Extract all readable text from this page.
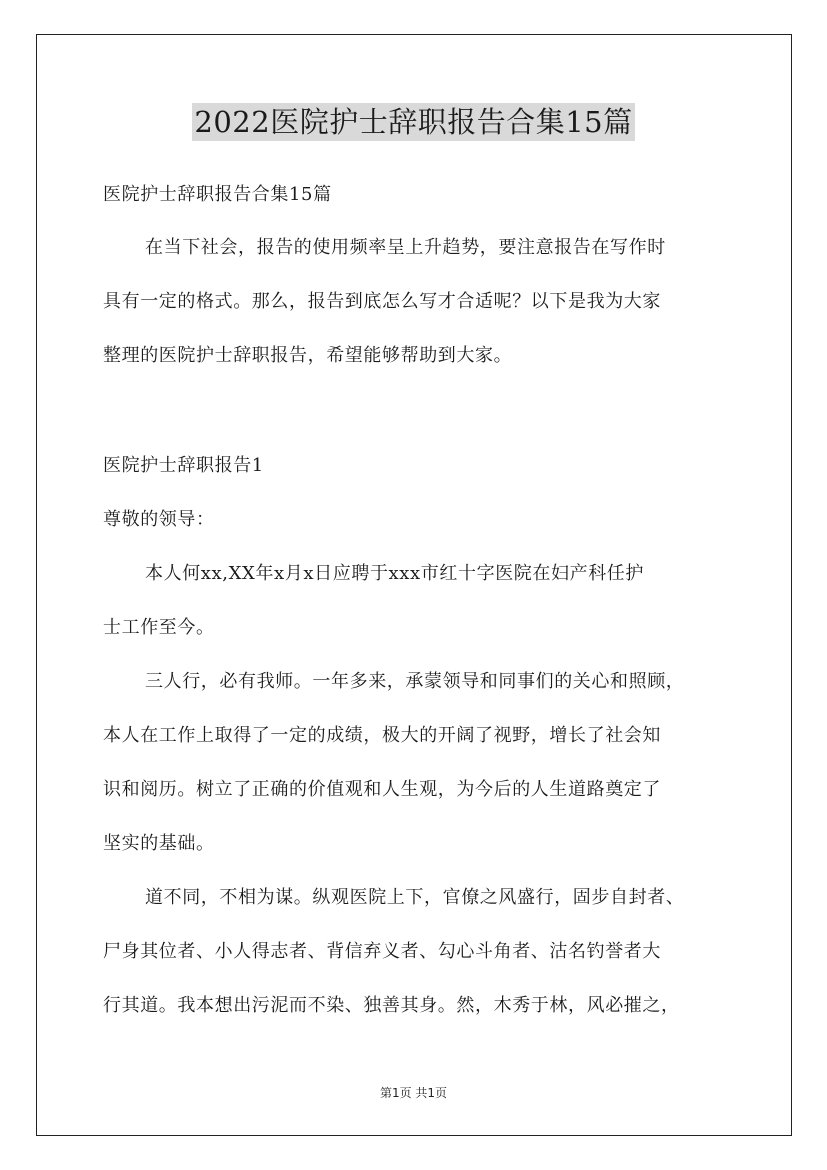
2022医院护士辞职报告合集15篇
医院护士辞职报告合集15篇
在当下社会，报告的使用频率呈上升趋势，要注意报告在写作时
具有一定的格式。那么，报告到底怎么写才合适呢？以下是我为大家
整理的医院护士辞职报告，希望能够帮助到大家。
医院护士辞职报告1
尊敬的领导：
本人何xx,XX年x月x日应聘于xxx市红十字医院在妇产科任护
士工作至今。
三人行，必有我师。一年多来，承蒙领导和同事们的关心和照顾，
本人在工作上取得了一定的成绩，极大的开阔了视野，增长了社会知
识和阅历。树立了正确的价值观和人生观，为今后的人生道路奠定了
坚实的基础。
道不同，不相为谋。纵观医院上下，官僚之风盛行，固步自封者、
尸身其位者、小人得志者、背信弃义者、勾心斗角者、沽名钓誉者大
行其道。我本想出污泥而不染、独善其身。然，木秀于林，风必摧之，
第1页 共1页
